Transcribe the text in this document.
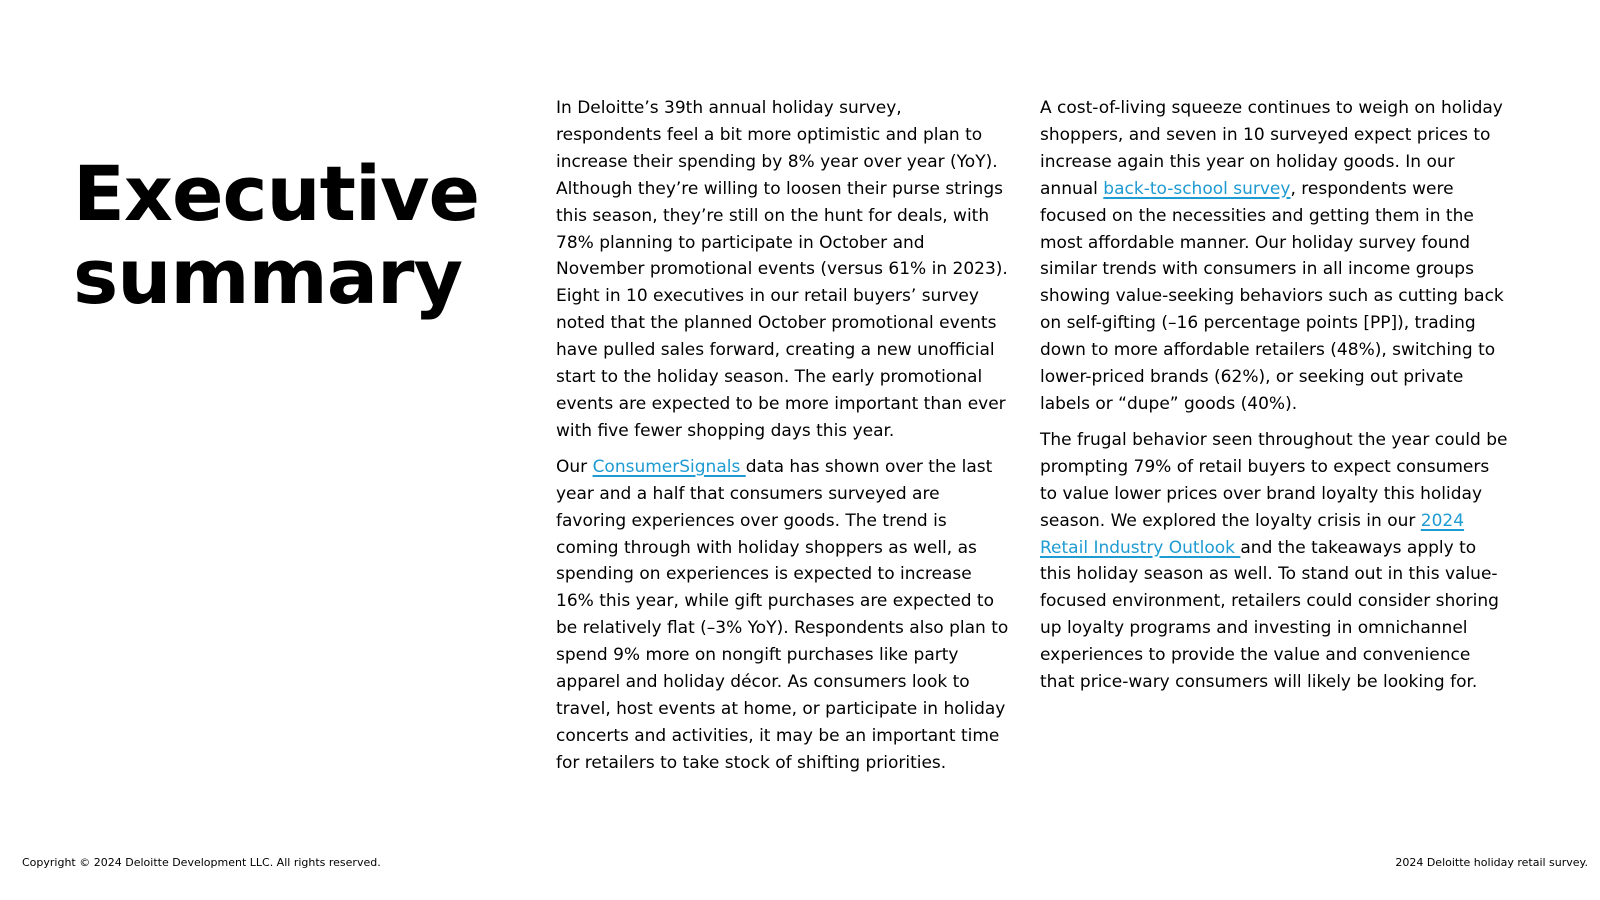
Executive
summary

In Deloitte’s 39th annual holiday survey, respondents feel a bit more optimistic and plan to increase their spending by 8% year over year (YoY). Although they’re willing to loosen their purse strings this season, they’re still on the hunt for deals, with 78% planning to participate in October and November promotional events (versus 61% in 2023). Eight in 10 executives in our retail buyers’ survey noted that the planned October promotional events have pulled sales forward, creating a new unofficial start to the holiday season. The early promotional events are expected to be more important than ever with five fewer shopping days this year.

Our ConsumerSignals data has shown over the last year and a half that consumers surveyed are favoring experiences over goods. The trend is coming through with holiday shoppers as well, as spending on experiences is expected to increase 16% this year, while gift purchases are expected to be relatively flat (–3% YoY). Respondents also plan to spend 9% more on nongift purchases like party apparel and holiday décor. As consumers look to travel, host events at home, or participate in holiday concerts and activities, it may be an important time for retailers to take stock of shifting priorities.

A cost-of-living squeeze continues to weigh on holiday shoppers, and seven in 10 surveyed expect prices to increase again this year on holiday goods. In our annual back-to-school survey, respondents were focused on the necessities and getting them in the most affordable manner. Our holiday survey found similar trends with consumers in all income groups showing value-seeking behaviors such as cutting back on self-gifting (–16 percentage points [PP]), trading down to more affordable retailers (48%), switching to lower-priced brands (62%), or seeking out private labels or “dupe” goods (40%).

The frugal behavior seen throughout the year could be prompting 79% of retail buyers to expect consumers to value lower prices over brand loyalty this holiday season. We explored the loyalty crisis in our 2024 Retail Industry Outlook and the takeaways apply to this holiday season as well. To stand out in this value-focused environment, retailers could consider shoring up loyalty programs and investing in omnichannel experiences to provide the value and convenience that price-wary consumers will likely be looking for.

Copyright © 2024 Deloitte Development LLC. All rights reserved.	2024 Deloitte holiday retail survey.
